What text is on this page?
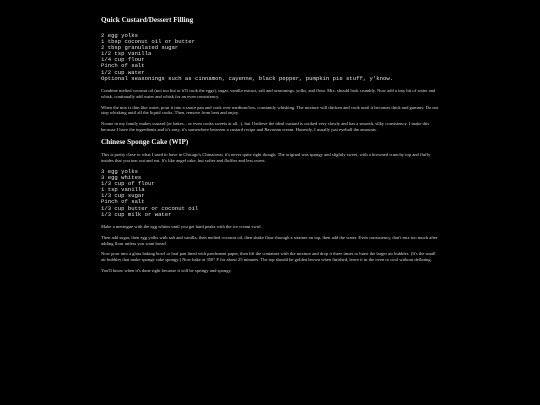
Quick Custard/Dessert Filling
2 egg yolks
1 tbsp coconut oil or butter
2 tbsp granulated sugar
1/2 tsp vanilla
1/4 cup flour
Pinch of salt
1/2 cup water
Optional seasonings such as cinnamon, cayenne, black pepper, pumpkin pie stuff, y'know.

Combine melted coconut oil (not too hot or it'll cook the eggs), sugar, vanilla extract, salt and seasonings, yolks, and flour. Mix, should look crumbly. Now add a tiny bit of water and whisk, continually add water and whisk for an even consistency.

When the mix is thin like water, pour it into a sauce pan and cook over medium/low, constantly whisking. The mixture will thicken and cook until it becomes thick and gummy. Do not stop whisking until all the liquid cooks. Then, remove from heat and enjoy.

Noone in my family makes custard (or bakes... or even cooks sweets at all...), but I believe the ideal custard is cooked very slowly and has a smooth, silky consistency. I make this because I have the ingredients and it's easy, it's somewhere between a custard recipe and Bavarian cream. Honestly, I usually just eyeball the amounts.

Chinese Sponge Cake (WIP)

This is pretty close to what I used to have in Chicago's Chinatown, it's never quite right though. The original was spongy and slightly sweet, with a browned crunchy top and fluffy insides that you tear out and eat. It's like angel cake, but softer and fluffier and less sweet.

3 egg yolks
3 egg whites
1/3 cup of flour
1 tsp vanilla
1/3 cup sugar
Pinch of salt
1/3 cup butter or coconut oil
1/3 cup milk or water

Make a meringue with the egg whites until you get hard peaks with the ice cream swirl.

Then add sugar, then egg yolks with salt and vanilla, then melted coconut oil, then shake flour through a strainer on top, then add the water. Even consistency, don't mix too much after adding flour unless you want bread

Now pour into a glass baking bowl or loaf pan lined with parchment paper, then lift the container with the mixture and drop it three times to burst the larger air bubbles. (It's the small air bubbles that make sponge cake spongy.) Now bake at 350° F for about 25 minutes. The top should be golden brown when finished, leave it in the oven to cool without deflating.

You'll know when it's done right because it will be springy and spongy.
